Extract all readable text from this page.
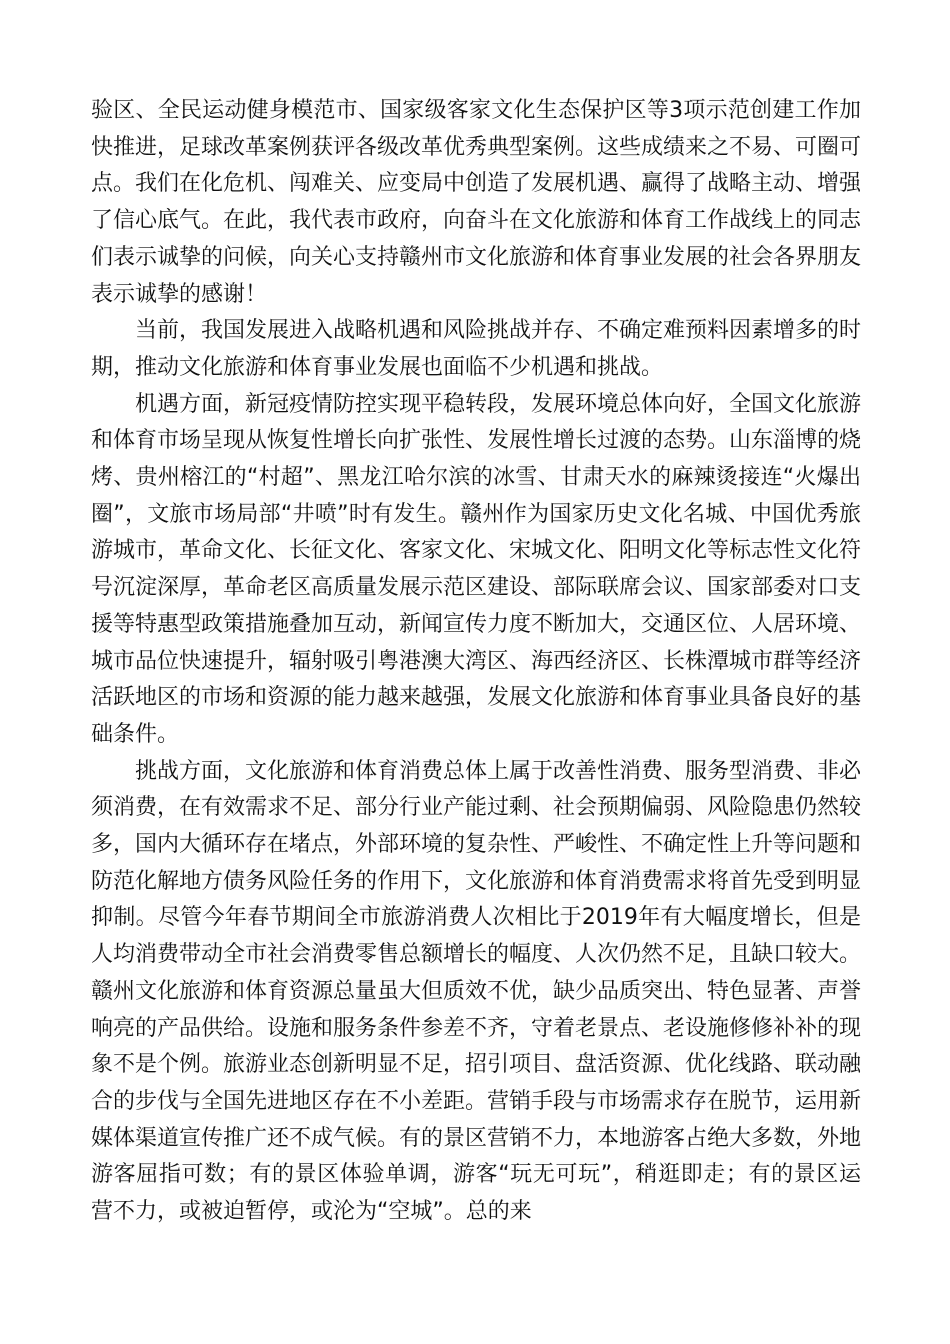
验区、全民运动健身模范市、国家级客家文化生态保护区等3项示范创建工作加快推进，足球改革案例获评各级改革优秀典型案例。这些成绩来之不易、可圈可点。我们在化危机、闯难关、应变局中创造了发展机遇、赢得了战略主动、增强了信心底气。在此，我代表市政府，向奋斗在文化旅游和体育工作战线上的同志们表示诚挚的问候，向关心支持赣州市文化旅游和体育事业发展的社会各界朋友表示诚挚的感谢！

当前，我国发展进入战略机遇和风险挑战并存、不确定难预料因素增多的时期，推动文化旅游和体育事业发展也面临不少机遇和挑战。

机遇方面，新冠疫情防控实现平稳转段，发展环境总体向好，全国文化旅游和体育市场呈现从恢复性增长向扩张性、发展性增长过渡的态势。山东淄博的烧烤、贵州榕江的“村超”、黑龙江哈尔滨的冰雪、甘肃天水的麻辣烫接连“火爆出圈”，文旅市场局部“井喷”时有发生。赣州作为国家历史文化名城、中国优秀旅游城市，革命文化、长征文化、客家文化、宋城文化、阳明文化等标志性文化符号沉淀深厚，革命老区高质量发展示范区建设、部际联席会议、国家部委对口支援等特惠型政策措施叠加互动，新闻宣传力度不断加大，交通区位、人居环境、城市品位快速提升，辐射吸引粤港澳大湾区、海西经济区、长株潭城市群等经济活跃地区的市场和资源的能力越来越强，发展文化旅游和体育事业具备良好的基础条件。

挑战方面，文化旅游和体育消费总体上属于改善性消费、服务型消费、非必须消费，在有效需求不足、部分行业产能过剩、社会预期偏弱、风险隐患仍然较多，国内大循环存在堵点，外部环境的复杂性、严峻性、不确定性上升等问题和防范化解地方债务风险任务的作用下，文化旅游和体育消费需求将首先受到明显抑制。尽管今年春节期间全市旅游消费人次相比于2019年有大幅度增长，但是人均消费带动全市社会消费零售总额增长的幅度、人次仍然不足，且缺口较大。赣州文化旅游和体育资源总量虽大但质效不优，缺少品质突出、特色显著、声誉响亮的产品供给。设施和服务条件参差不齐，守着老景点、老设施修修补补的现象不是个例。旅游业态创新明显不足，招引项目、盘活资源、优化线路、联动融合的步伐与全国先进地区存在不小差距。营销手段与市场需求存在脱节，运用新媒体渠道宣传推广还不成气候。有的景区营销不力，本地游客占绝大多数，外地游客屈指可数；有的景区体验单调，游客“玩无可玩”，稍逛即走；有的景区运营不力，或被迫暂停，或沦为“空城”。总的来
